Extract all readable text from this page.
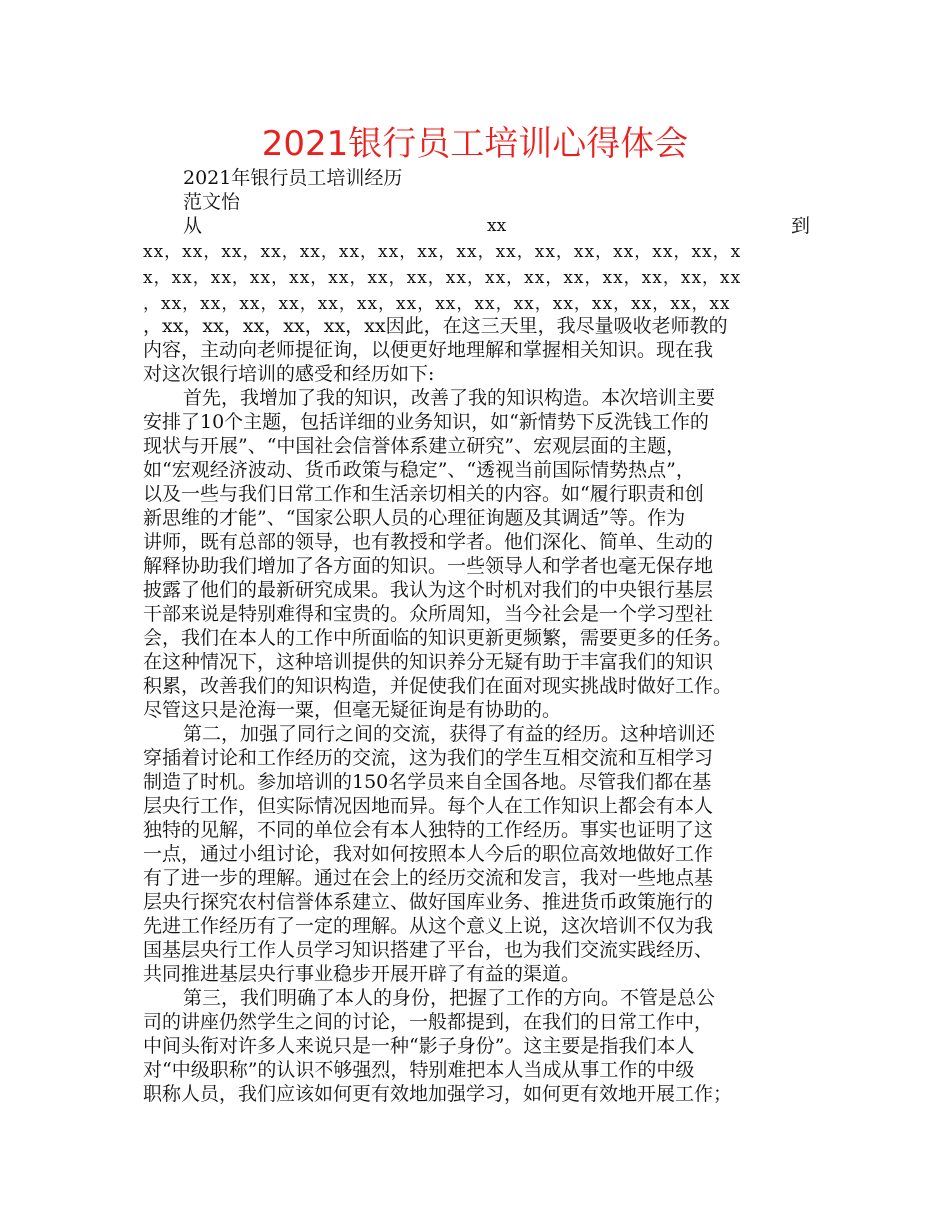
2021银行员工培训心得体会
2021年银行员工培训经历
范文怡
从	xx	到
xx，xx，xx，xx，xx，xx，xx，xx，xx，xx，xx，xx，xx，xx，xx，x
x，xx，xx，xx，xx，xx，xx，xx，xx，xx，xx，xx，xx，xx，xx，xx
，xx，xx，xx，xx，xx，xx，xx，xx，xx，xx，xx，xx，xx，xx，xx
，xx，xx，xx，xx，xx，xx因此，在这三天里，我尽量吸收老师教的
内容，主动向老师提征询，以便更好地理解和掌握相关知识。现在我
对这次银行培训的感受和经历如下:
首先，我增加了我的知识，改善了我的知识构造。本次培训主要
安排了10个主题，包括详细的业务知识，如“新情势下反洗钱工作的
现状与开展”、“中国社会信誉体系建立研究”、宏观层面的主题，
如“宏观经济波动、货币政策与稳定”、“透视当前国际情势热点”，
以及一些与我们日常工作和生活亲切相关的内容。如“履行职责和创
新思维的才能”、“国家公职人员的心理征询题及其调适”等。作为
讲师，既有总部的领导，也有教授和学者。他们深化、简单、生动的
解释协助我们增加了各方面的知识。一些领导人和学者也毫无保存地
披露了他们的最新研究成果。我认为这个时机对我们的中央银行基层
干部来说是特别难得和宝贵的。众所周知，当今社会是一个学习型社
会，我们在本人的工作中所面临的知识更新更频繁，需要更多的任务。
在这种情况下，这种培训提供的知识养分无疑有助于丰富我们的知识
积累，改善我们的知识构造，并促使我们在面对现实挑战时做好工作。
尽管这只是沧海一粟，但毫无疑征询是有协助的。
第二，加强了同行之间的交流，获得了有益的经历。这种培训还
穿插着讨论和工作经历的交流，这为我们的学生互相交流和互相学习
制造了时机。参加培训的150名学员来自全国各地。尽管我们都在基
层央行工作，但实际情况因地而异。每个人在工作知识上都会有本人
独特的见解，不同的单位会有本人独特的工作经历。事实也证明了这
一点，通过小组讨论，我对如何按照本人今后的职位高效地做好工作
有了进一步的理解。通过在会上的经历交流和发言，我对一些地点基
层央行探究农村信誉体系建立、做好国库业务、推进货币政策施行的
先进工作经历有了一定的理解。从这个意义上说，这次培训不仅为我
国基层央行工作人员学习知识搭建了平台，也为我们交流实践经历、
共同推进基层央行事业稳步开展开辟了有益的渠道。
第三，我们明确了本人的身份，把握了工作的方向。不管是总公
司的讲座仍然学生之间的讨论，一般都提到，在我们的日常工作中，
中间头衔对许多人来说只是一种“影子身份”。这主要是指我们本人
对“中级职称”的认识不够强烈，特别难把本人当成从事工作的中级
职称人员，我们应该如何更有效地加强学习，如何更有效地开展工作；
